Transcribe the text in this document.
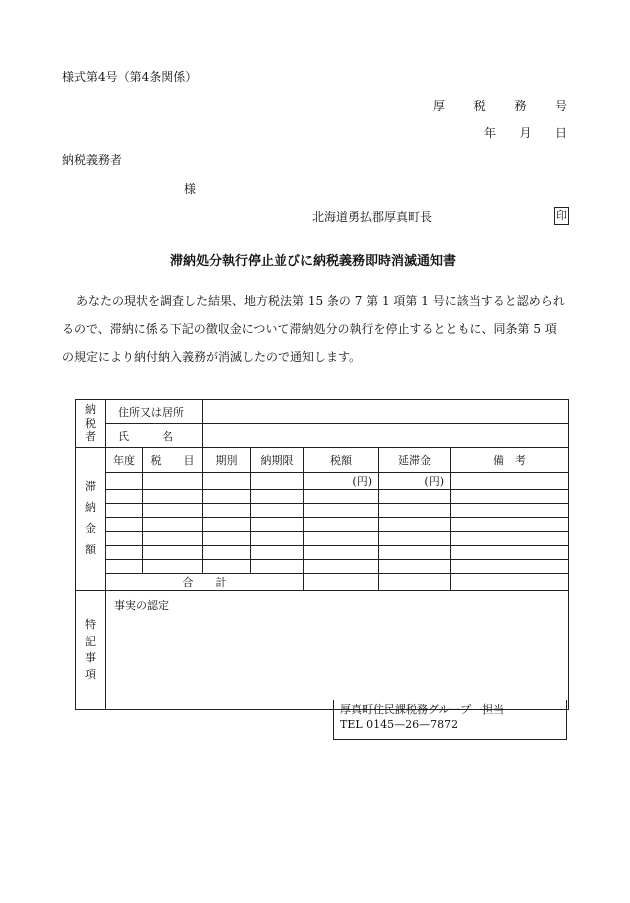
様式第4号（第4条関係）
厚 税 務 号
年 月 日
納税義務者
様
北海道勇払郡厚真町長	印
滞納処分執行停止並びに納税義務即時消滅通知書
あなたの現状を調査した結果、地方税法第 15 条の 7 第 1 項第 1 号に該当すると認められ
るので、滞納に係る下記の徴収金について滞納処分の執行を停止するとともに、同条第 5 項
の規定により納付納入義務が消滅したので通知します。
納
税
者	住所又は居所						
	氏　　　名						

滞
納
金
額	年度	税　　目	期別	納期限	税額	延滞金	備　考
					(円)	(円)	

	合　　計						

特
記
事
項	事実の認定						
厚真町住民課税務グループ　担当
TEL 0145—26—7872
